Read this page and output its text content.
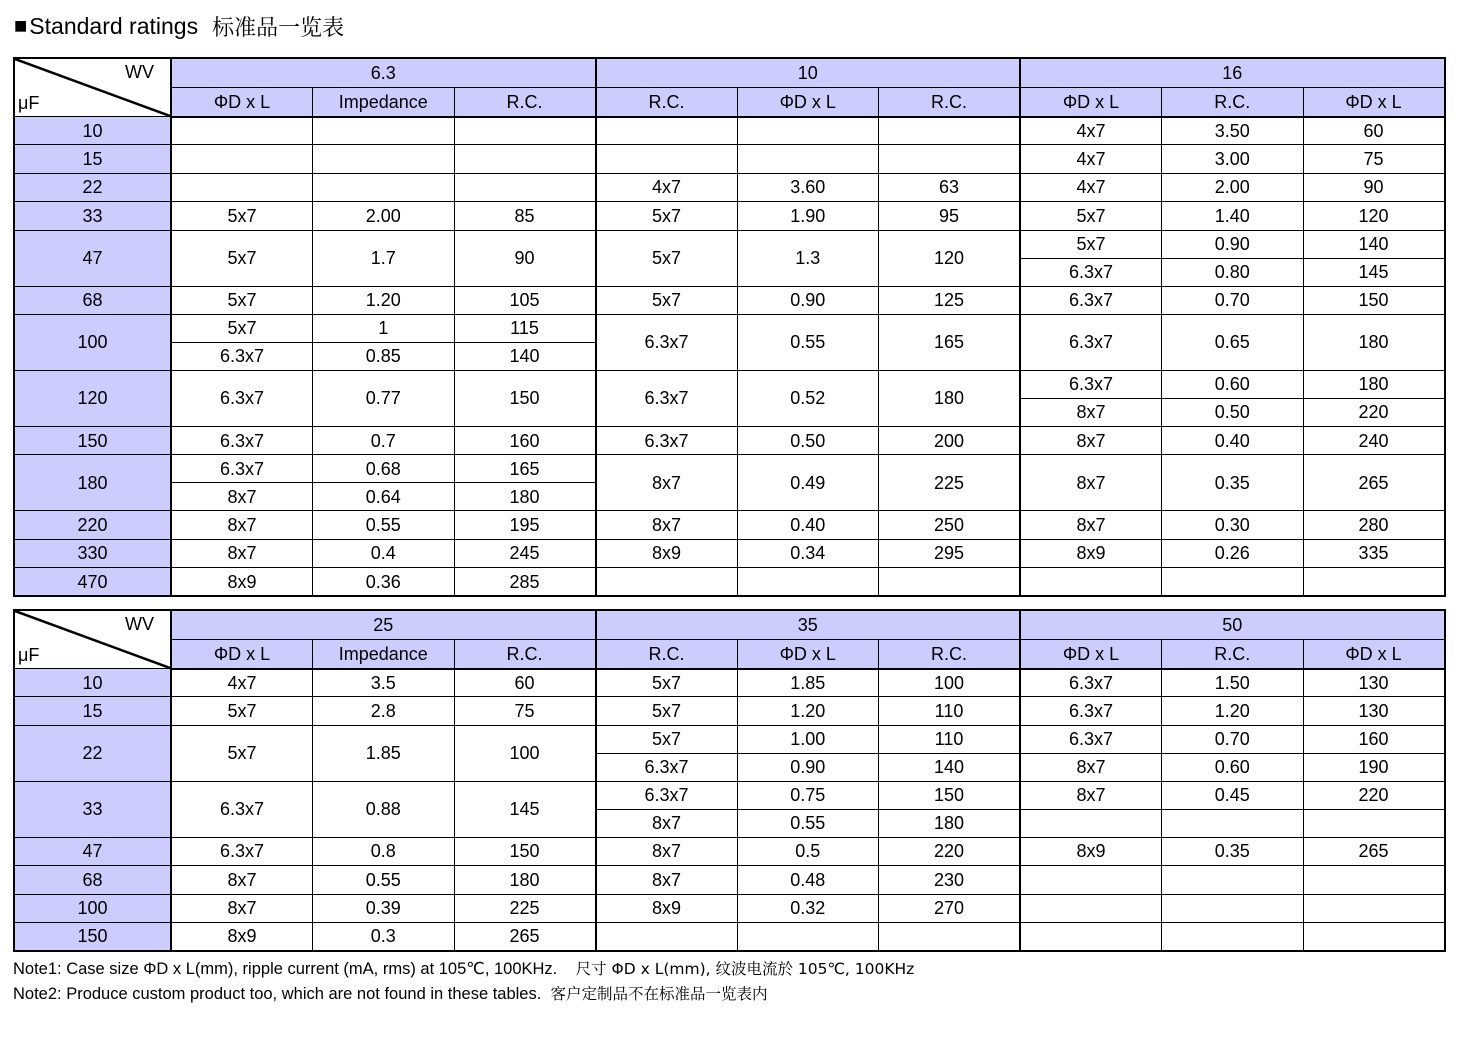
■ Standard ratings 标准品一览表
WV
μF	6.3			10			16		
	ΦD x L	Impedance	R.C.	R.C.	ΦD x L	R.C.	ΦD x L	R.C.	ΦD x L
10							4x7	3.50	60
15							4x7	3.00	75
22				4x7	3.60	63	4x7	2.00	90
33	5x7	2.00	85	5x7	1.90	95	5x7	1.40	120
47	5x7	1.7	90	5x7	1.3	120	5x7	0.90	140
							6.3x7	0.80	145
68	5x7	1.20	105	5x7	0.90	125	6.3x7	0.70	150
100	5x7	1	115	6.3x7	0.55	165	6.3x7	0.65	180
	6.3x7	0.85	140						
120	6.3x7	0.77	150	6.3x7	0.52	180	6.3x7	0.60	180
							8x7	0.50	220
150	6.3x7	0.7	160	6.3x7	0.50	200	8x7	0.40	240
180	6.3x7	0.68	165	8x7	0.49	225	8x7	0.35	265
	8x7	0.64	180						
220	8x7	0.55	195	8x7	0.40	250	8x7	0.30	280
330	8x7	0.4	245	8x9	0.34	295	8x9	0.26	335
470	8x9	0.36	285						
WV
μF	25			35			50		
	ΦD x L	Impedance	R.C.	R.C.	ΦD x L	R.C.	ΦD x L	R.C.	ΦD x L
10	4x7	3.5	60	5x7	1.85	100	6.3x7	1.50	130
15	5x7	2.8	75	5x7	1.20	110	6.3x7	1.20	130
22	5x7	1.85	100	5x7	1.00	110	6.3x7	0.70	160
				6.3x7	0.90	140	8x7	0.60	190
33	6.3x7	0.88	145	6.3x7	0.75	150	8x7	0.45	220
				8x7	0.55	180			
47	6.3x7	0.8	150	8x7	0.5	220	8x9	0.35	265
68	8x7	0.55	180	8x7	0.48	230			
100	8x7	0.39	225	8x9	0.32	270			
150	8x9	0.3	265						
Note1: Case size ΦD x L(mm), ripple current (mA, rms) at 105℃, 100KHz. 尺寸 ΦD x L(mm), 纹波电流於 105℃, 100KHz
Note2: Produce custom product too, which are not found in these tables. 客户定制品不在标准品一览表内
